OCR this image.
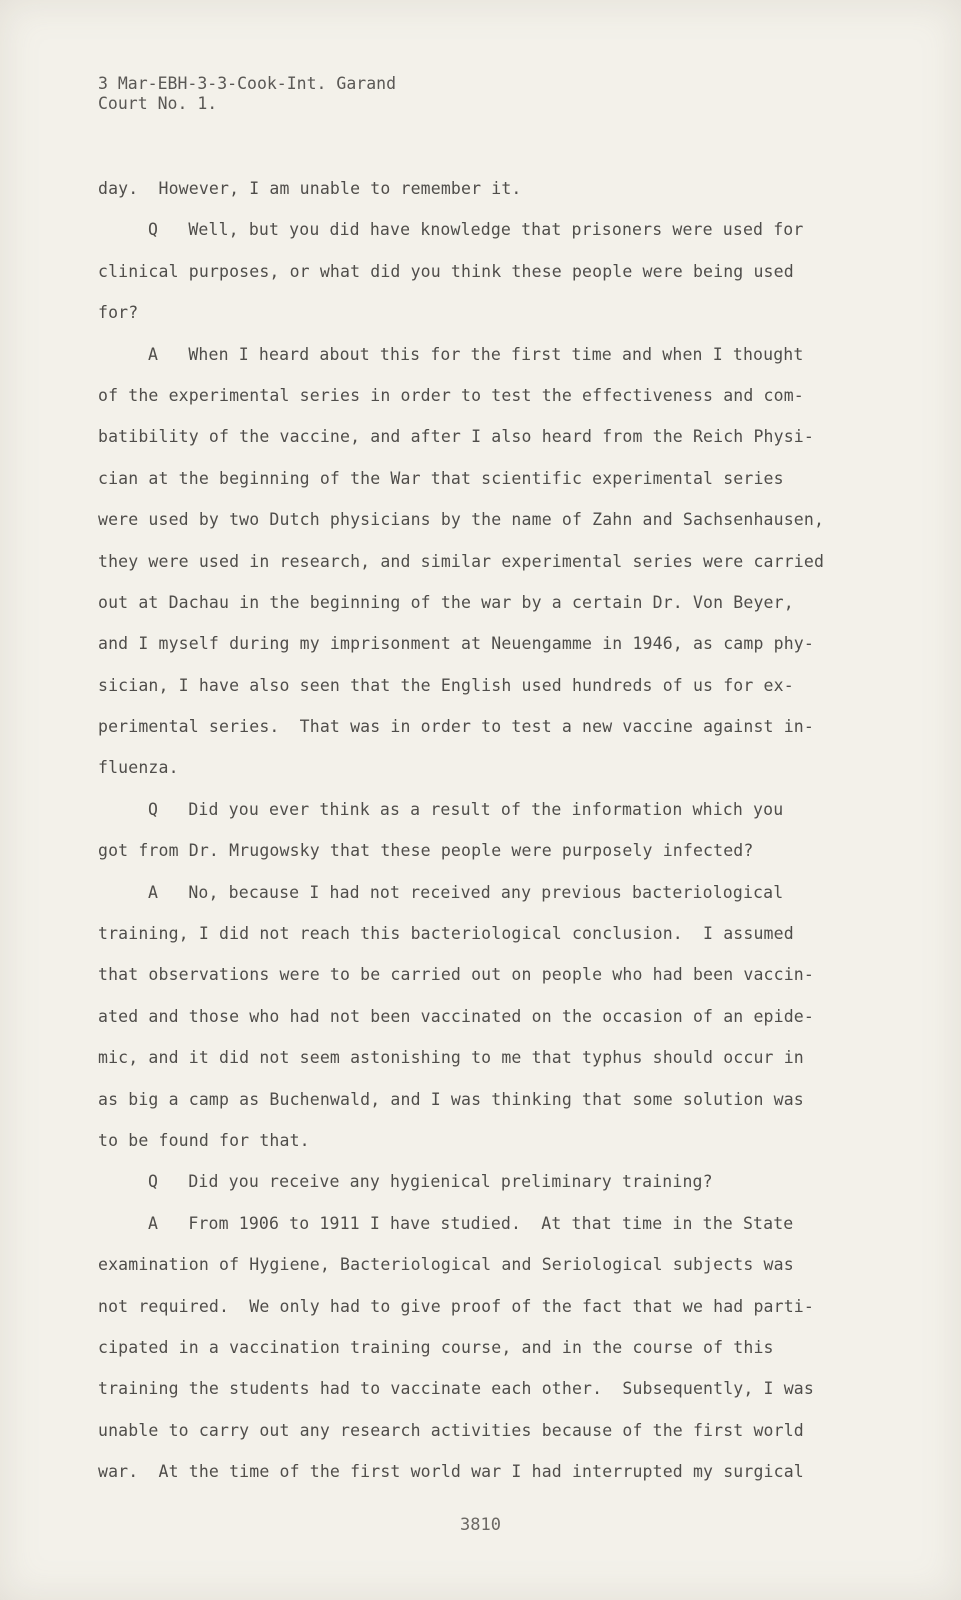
3 Mar-EBH-3-3-Cook-Int. Garand
Court No. 1.
day.  However, I am unable to remember it.
Q   Well, but you did have knowledge that prisoners were used for
clinical purposes, or what did you think these people were being used
for?
A   When I heard about this for the first time and when I thought
of the experimental series in order to test the effectiveness and com-
batibility of the vaccine, and after I also heard from the Reich Physi-
cian at the beginning of the War that scientific experimental series
were used by two Dutch physicians by the name of Zahn and Sachsenhausen,
they were used in research, and similar experimental series were carried
out at Dachau in the beginning of the war by a certain Dr. Von Beyer,
and I myself during my imprisonment at Neuengamme in 1946, as camp phy-
sician, I have also seen that the English used hundreds of us for ex-
perimental series.  That was in order to test a new vaccine against in-
fluenza.
Q   Did you ever think as a result of the information which you
got from Dr. Mrugowsky that these people were purposely infected?
A   No, because I had not received any previous bacteriological
training, I did not reach this bacteriological conclusion.  I assumed
that observations were to be carried out on people who had been vaccin-
ated and those who had not been vaccinated on the occasion of an epide-
mic, and it did not seem astonishing to me that typhus should occur in
as big a camp as Buchenwald, and I was thinking that some solution was
to be found for that.
Q   Did you receive any hygienical preliminary training?
A   From 1906 to 1911 I have studied.  At that time in the State
examination of Hygiene, Bacteriological and Seriological subjects was
not required.  We only had to give proof of the fact that we had parti-
cipated in a vaccination training course, and in the course of this
training the students had to vaccinate each other.  Subsequently, I was
unable to carry out any research activities because of the first world
war.  At the time of the first world war I had interrupted my surgical
3810
